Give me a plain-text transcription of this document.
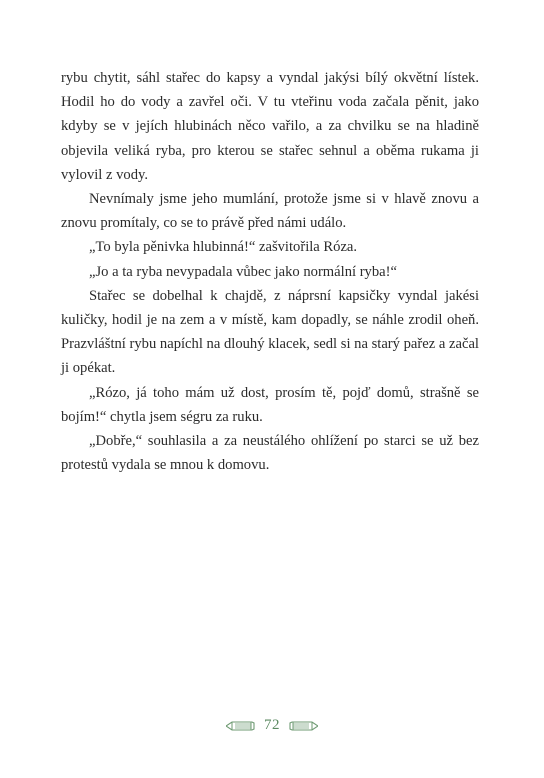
rybu chytit, sáhl stařec do kapsy a vyndal jakýsi bílý okvětní lístek. Hodil ho do vody a zavřel oči. V tu vteřinu voda začala pěnit, jako kdyby se v jejích hlubinách něco vařilo, a za chvilku se na hladině objevila veliká ryba, pro kterou se stařec sehnul a oběma rukama ji vylovil z vody.

Nevnímaly jsme jeho mumlání, protože jsme si v hlavě znovu a znovu promítaly, co se to právě před námi událo.

„To byla pěnivka hlubinná!“ zašvitořila Róza.

„Jo a ta ryba nevypadala vůbec jako normální ryba!“

Stařec se dobelhal k chajdě, z náprsní kapsičky vyndal jakési kuličky, hodil je na zem a v místě, kam dopadly, se náhle zrodil oheň. Prazvláštní rybu napíchl na dlouhý klacek, sedl si na starý pařez a začal ji opékat.

„Rózo, já toho mám už dost, prosím tě, pojď domů, strašně se bojím!“ chytla jsem ségru za ruku.

„Dobře,“ souhlasila a za neustálého ohlížení po starci se už bez protestů vydala se mnou k domovu.

72
